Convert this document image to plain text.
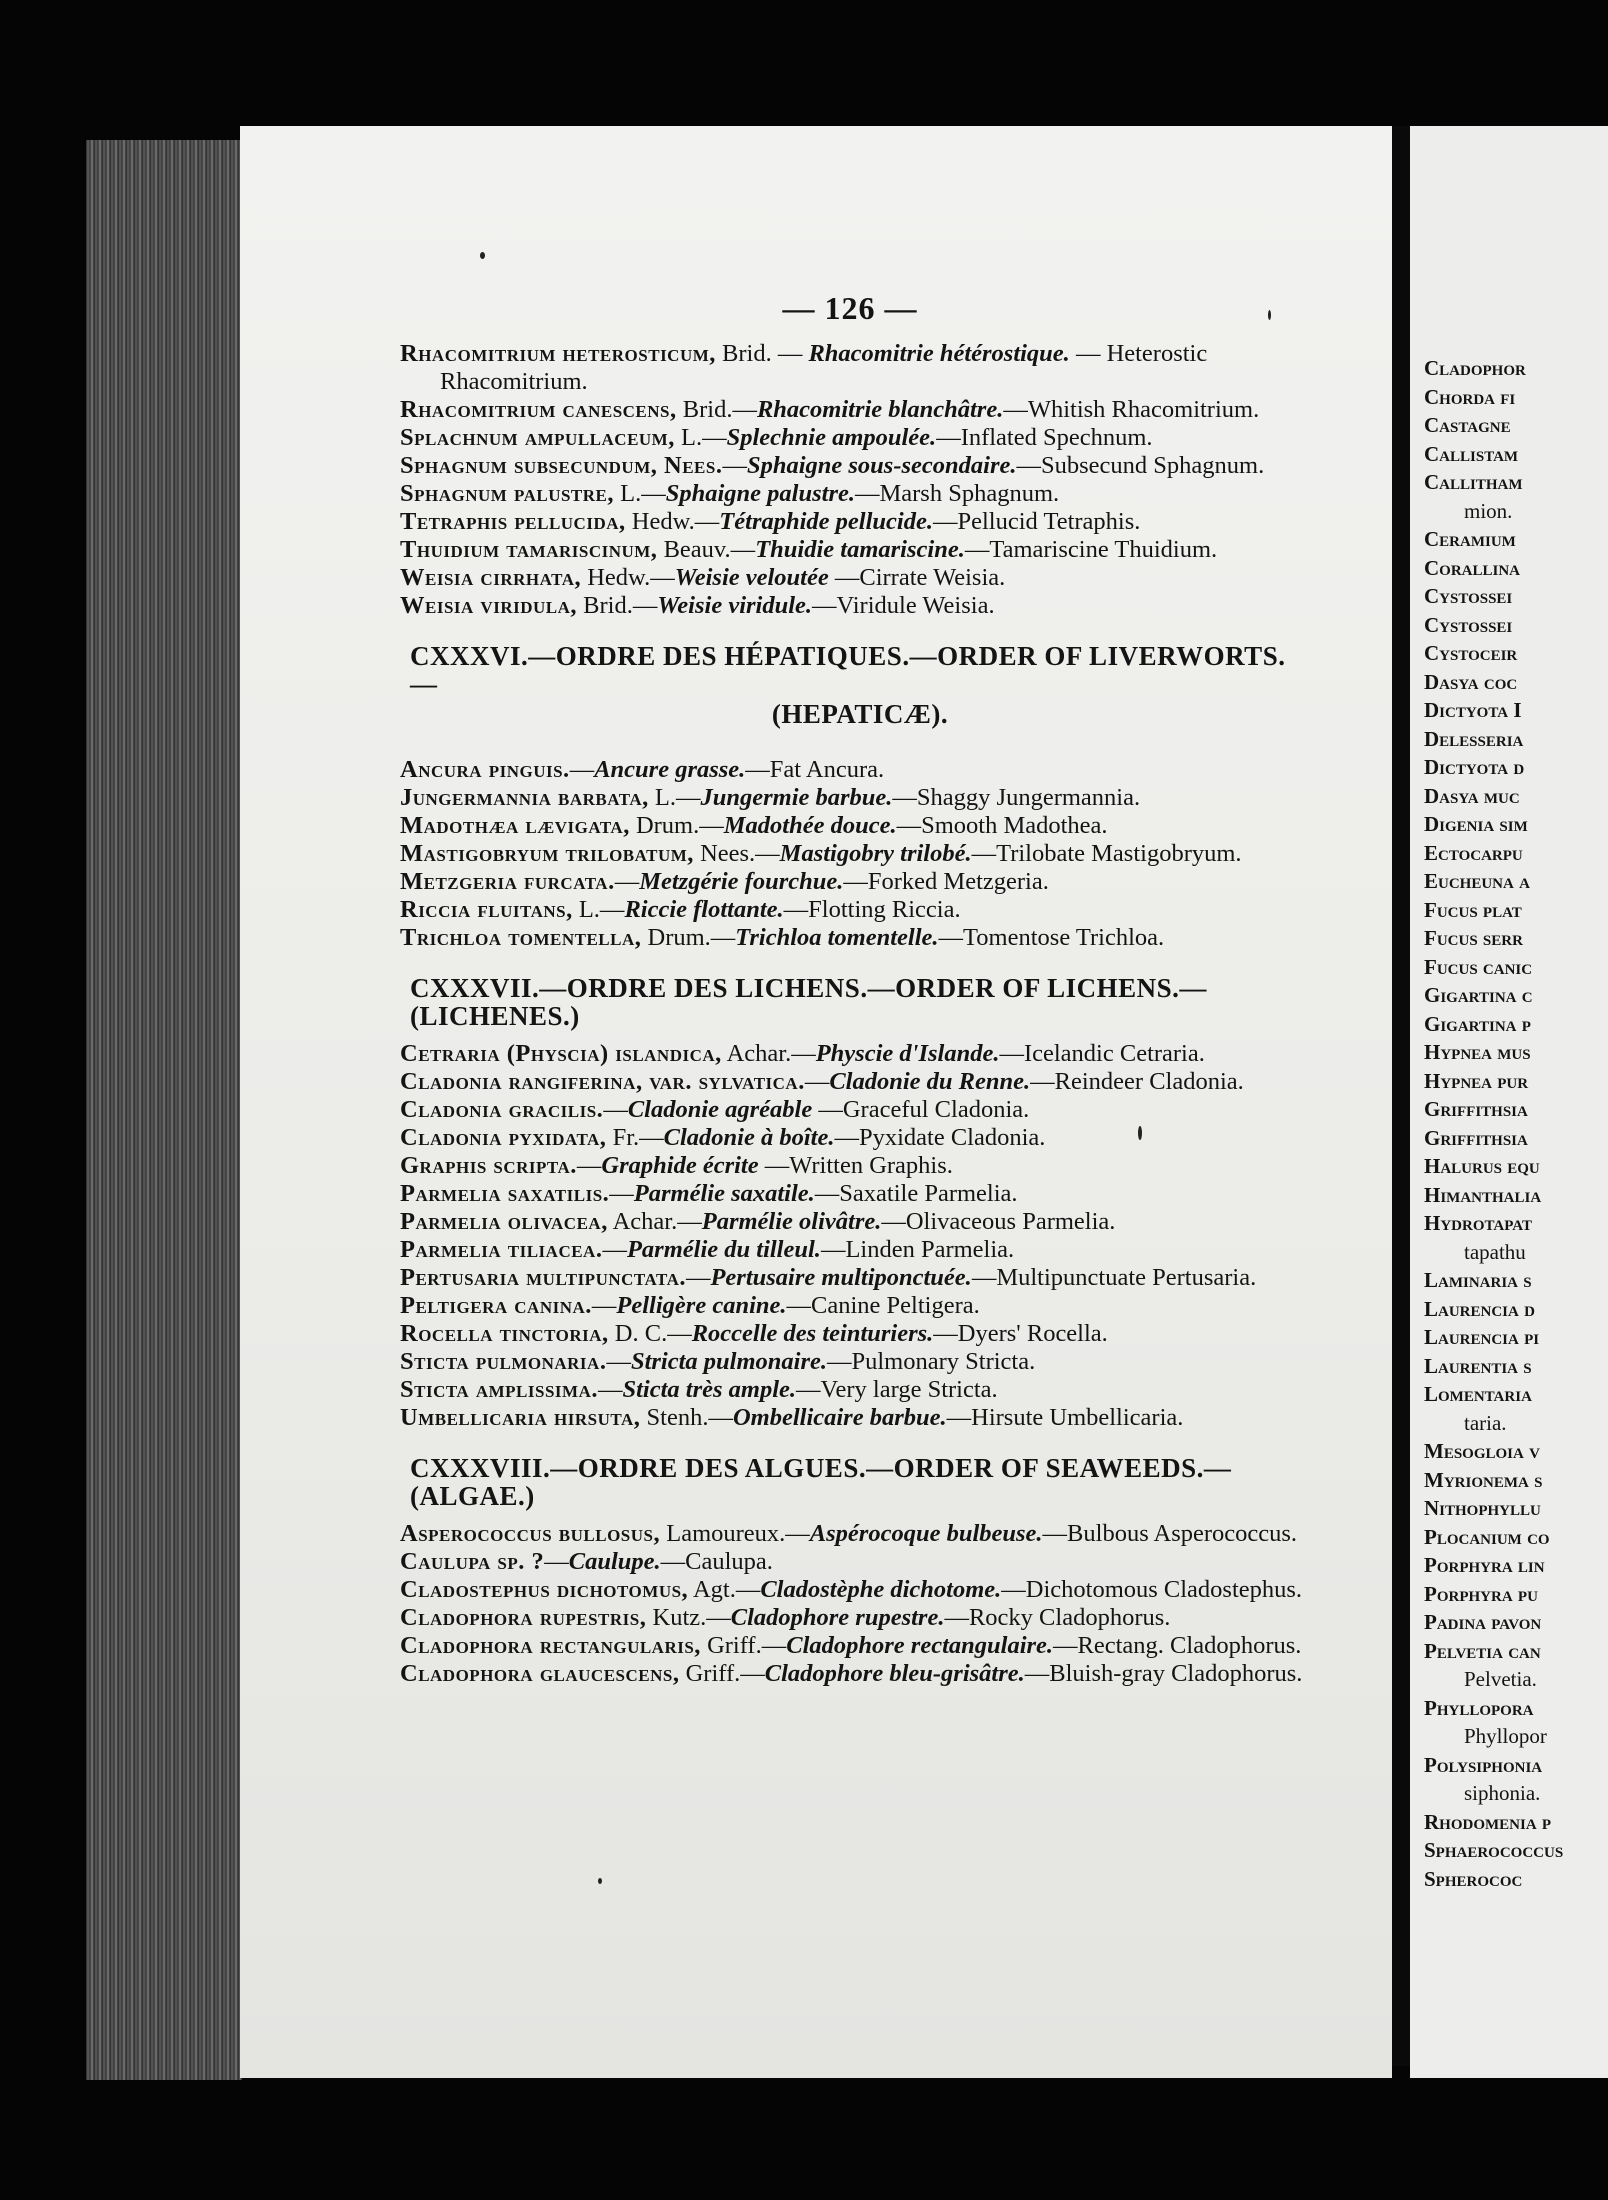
— 126 —

Rhacomitrium heterosticum, Brid. — Rhacomitrie hétérostique. — Heterostic Rhacomitrium.

Rhacomitrium canescens, Brid.—Rhacomitrie blanchâtre.—Whitish Rhacomitrium.

Splachnum ampullaceum, L.—Splechnie ampoulée.—Inflated Spechnum.

Sphagnum subsecundum, Nees.—Sphaigne sous-secondaire.—Subsecund Sphagnum.

Sphagnum palustre, L.—Sphaigne palustre.—Marsh Sphagnum.

Tetraphis pellucida, Hedw.—Tétraphide pellucide.—Pellucid Tetraphis.

Thuidium tamariscinum, Beauv.—Thuidie tamariscine.—Tamariscine Thuidium.

Weisia cirrhata, Hedw.—Weisie veloutée —Cirrate Weisia.

Weisia viridula, Brid.—Weisie viridule.—Viridule Weisia.

CXXXVI.—ORDRE DES HÉPATIQUES.—ORDER OF LIVERWORTS.—
(HEPATICÆ).

Ancura pinguis.—Ancure grasse.—Fat Ancura.

Jungermannia barbata, L.—Jungermie barbue.—Shaggy Jungermannia.

Madothæa lævigata, Drum.—Madothée douce.—Smooth Madothea.

Mastigobryum trilobatum, Nees.—Mastigobry trilobé.—Trilobate Mastigobryum.

Metzgeria furcata.—Metzgérie fourchue.—Forked Metzgeria.

Riccia fluitans, L.—Riccie flottante.—Flotting Riccia.

Trichloa tomentella, Drum.—Trichloa tomentelle.—Tomentose Trichloa.

CXXXVII.—ORDRE DES LICHENS.—ORDER OF LICHENS.—(LICHENES.)

Cetraria (Physcia) islandica, Achar.—Physcie d'Islande.—Icelandic Cetraria.

Cladonia rangiferina, var. sylvatica.—Cladonie du Renne.—Reindeer Cladonia.

Cladonia gracilis.—Cladonie agréable —Graceful Cladonia.

Cladonia pyxidata, Fr.—Cladonie à boîte.—Pyxidate Cladonia.

Graphis scripta.—Graphide écrite —Written Graphis.

Parmelia saxatilis.—Parmélie saxatile.—Saxatile Parmelia.

Parmelia olivacea, Achar.—Parmélie olivâtre.—Olivaceous Parmelia.

Parmelia tiliacea.—Parmélie du tilleul.—Linden Parmelia.

Pertusaria multipunctata.—Pertusaire multiponctuée.—Multipunctuate Pertusaria.

Peltigera canina.—Pelligère canine.—Canine Peltigera.

Rocella tinctoria, D. C.—Roccelle des teinturiers.—Dyers' Rocella.

Sticta pulmonaria.—Stricta pulmonaire.—Pulmonary Stricta.

Sticta amplissima.—Sticta très ample.—Very large Stricta.

Umbellicaria hirsuta, Stenh.—Ombellicaire barbue.—Hirsute Umbellicaria.

CXXXVIII.—ORDRE DES ALGUES.—ORDER OF SEAWEEDS.—(ALGAE.)

Asperococcus bullosus, Lamoureux.—Aspérocoque bulbeuse.—Bulbous Asperococcus.

Caulupa sp. ?—Caulupe.—Caulupa.

Cladostephus dichotomus, Agt.—Cladostèphe dichotome.—Dichotomous Cladostephus.

Cladophora rupestris, Kutz.—Cladophore rupestre.—Rocky Cladophorus.

Cladophora rectangularis, Griff.—Cladophore rectangulaire.—Rectang. Cladophorus.

Cladophora glaucescens, Griff.—Cladophore bleu-grisâtre.—Bluish-gray Cladophorus.

Cladophor
Chorda fi
Castagne
Callistam
Callitham
mion.
Ceramium
Corallina
Cystossei
Cystossei
Cystoceir
Dasya coc
Dictyota I
Delesseria
Dictyota d
Dasya muc
Digenia sim
Ectocarpu
Eucheuna a
Fucus plat
Fucus serr
Fucus canic
Gigartina c
Gigartina p
Hypnea mus
Hypnea pur
Griffithsia
Griffithsia
Halurus equ
Himanthalia
Hydrotapat
tapathu
Laminaria s
Laurencia d
Laurencia pi
Laurentia s
Lomentaria
taria.
Mesogloia v
Myrionema s
Nithophyllu
Plocanium co
Porphyra lin
Porphyra pu
Padina pavon
Pelvetia can
Pelvetia.
Phyllopora
Phyllopor
Polysiphonia
siphonia.
Rhodomenia p
Sphaerococcus
Spherococ
